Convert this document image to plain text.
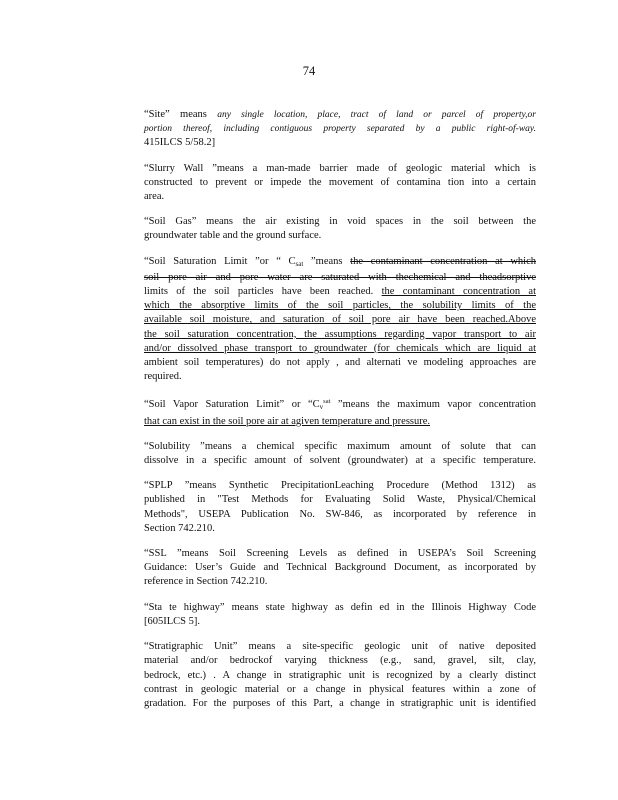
74
“Site” means any single location, place, tract of land or parcel of property,or
portion thereof, including contiguous property separated by a public right-of-way.
415ILCS 5/58.2]
“Slurry Wall ”means a man-made barrier made of geologic material which is
constructed to prevent or impede the movement of contamina tion into a certain
area.
“Soil Gas” means the air existing in void spaces in the soil between the
groundwater table and the ground surface.
“Soil Saturation Limit ”or “ $C_{sat}$ ”means the contaminant concentration at which
soil pore air and pore water are saturated with thechemical and theadsorptive
limits of the soil particles have been reached. the contaminant concentration at
which the absorptive limits of the soil particles, the solubility limits of the
available soil moisture, and saturation of soil pore air have been reached.Above
the soil saturation concentration, the assumptions regarding vapor transport to air
and/or dissolved phase transport to groundwater (for chemicals which are liquid at
ambient soil temperatures) do not apply , and alternati ve modeling approaches are
required.
“Soil Vapor Saturation Limit” or “$C_v^{sat}$ ”means the maximum vapor concentration
that can exist in the soil pore air at agiven temperature and pressure.
“Solubility ”means a chemical specific maximum amount of solute that can
dissolve in a specific amount of solvent (groundwater) at a specific temperature.
“SPLP ”means Synthetic PrecipitationLeaching Procedure (Method 1312) as
published in "Test Methods for Evaluating Solid Waste, Physical/Chemical
Methods", USEPA Publication No. SW-846, as incorporated by reference in
Section 742.210.
“SSL ”means Soil Screening Levels as defined in USEPA’s Soil Screening
Guidance: User’s Guide and Technical Background Document, as incorporated by
reference in Section 742.210.
“Sta te highway” means state highway as defin ed in the Illinois Highway Code
[605ILCS 5].
“Stratigraphic Unit” means a site-specific geologic unit of native deposited
material and/or bedrockof varying thickness (e.g., sand, gravel, silt, clay,
bedrock, etc.) . A change in stratigraphic unit is recognized by a clearly distinct
contrast in geologic material or a change in physical features within a zone of
gradation. For the purposes of this Part, a change in stratigraphic unit is identified
